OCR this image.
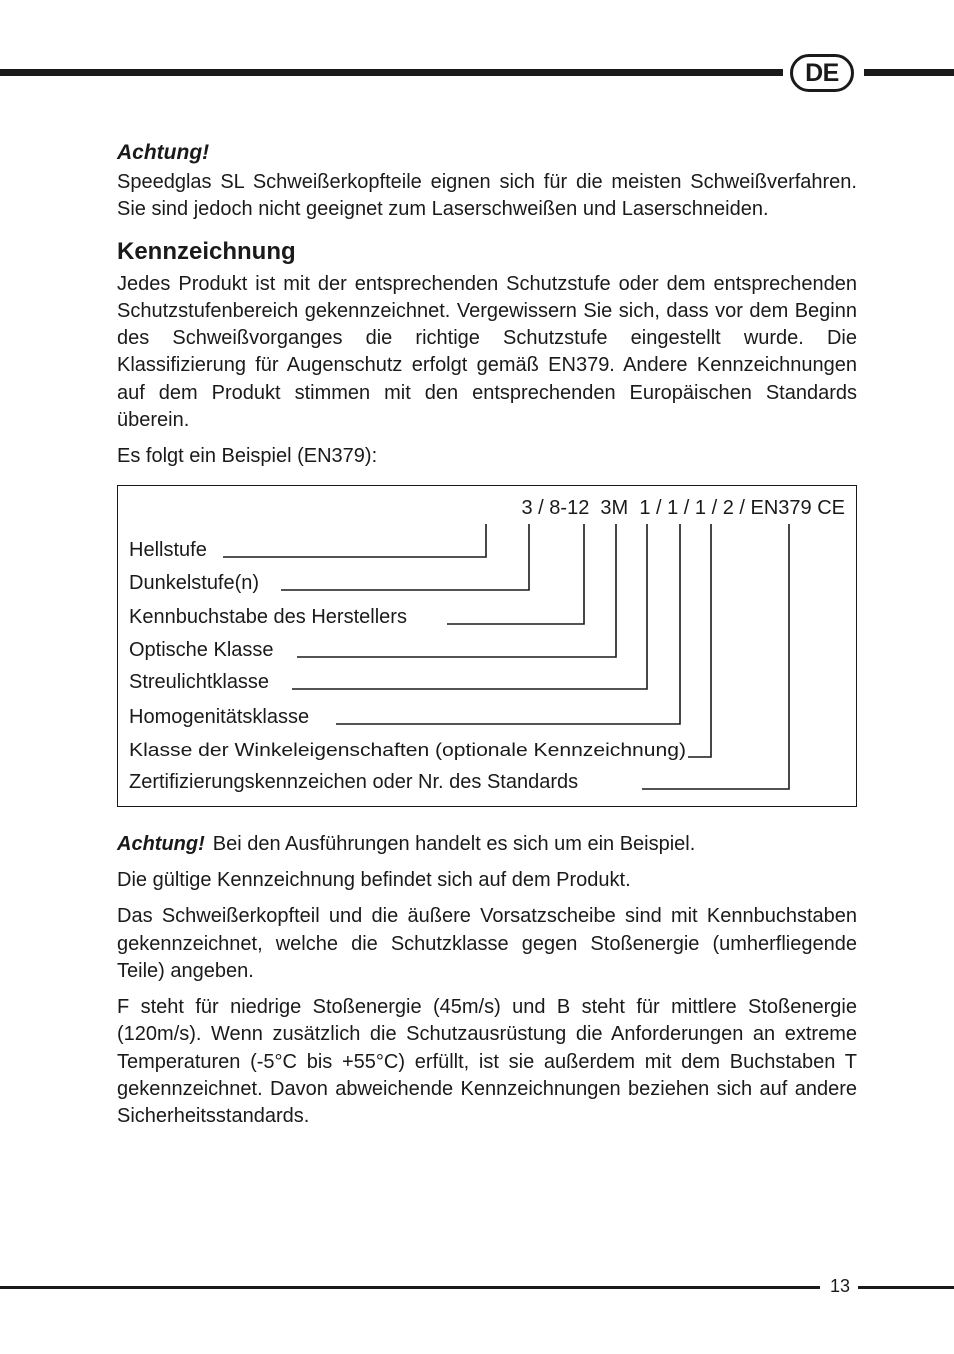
DE
Achtung!

Speedglas SL Schweißerkopfteile eignen sich für die meisten Schweißverfahren. Sie sind jedoch nicht geeignet zum Laserschweißen und Laserschneiden.

Kennzeichnung

Jedes Produkt ist mit der entsprechenden Schutzstufe oder dem entsprechenden Schutzstufenbereich gekennzeichnet. Vergewissern Sie sich, dass vor dem Beginn des Schweißvorganges die richtige Schutzstufe eingestellt wurde. Die Klassifizierung für Augenschutz erfolgt gemäß EN379. Andere Kennzeichnungen auf dem Produkt stimmen mit den entsprechenden Europäischen Standards überein.

Es folgt ein Beispiel (EN379):

3 / 8-12  3M  1 / 1 / 1 / 2 / EN379 CE
Hellstufe
Dunkelstufe(n)
Kennbuchstabe des Herstellers
Optische Klasse
Streulichtklasse
Homogenitätsklasse
Klasse der Winkeleigenschaften (optionale Kennzeichnung)
Zertifizierungskennzeichen oder Nr. des Standards

Achtung! Bei den Ausführungen handelt es sich um ein Beispiel.

Die gültige Kennzeichnung befindet sich auf dem Produkt.

Das Schweißerkopfteil und die äußere Vorsatzscheibe sind mit Kennbuchstaben gekennzeichnet, welche die Schutzklasse gegen Stoßenergie (umherfliegende Teile) angeben.

F steht für niedrige Stoßenergie (45m/s) und B steht für mittlere Stoßenergie (120m/s). Wenn zusätzlich die Schutzausrüstung die Anforderungen an extreme Temperaturen (-5°C bis +55°C) erfüllt, ist sie außerdem mit dem Buchstaben T gekennzeichnet. Davon abweichende Kennzeichnungen beziehen sich auf andere Sicherheitsstandards.

13
